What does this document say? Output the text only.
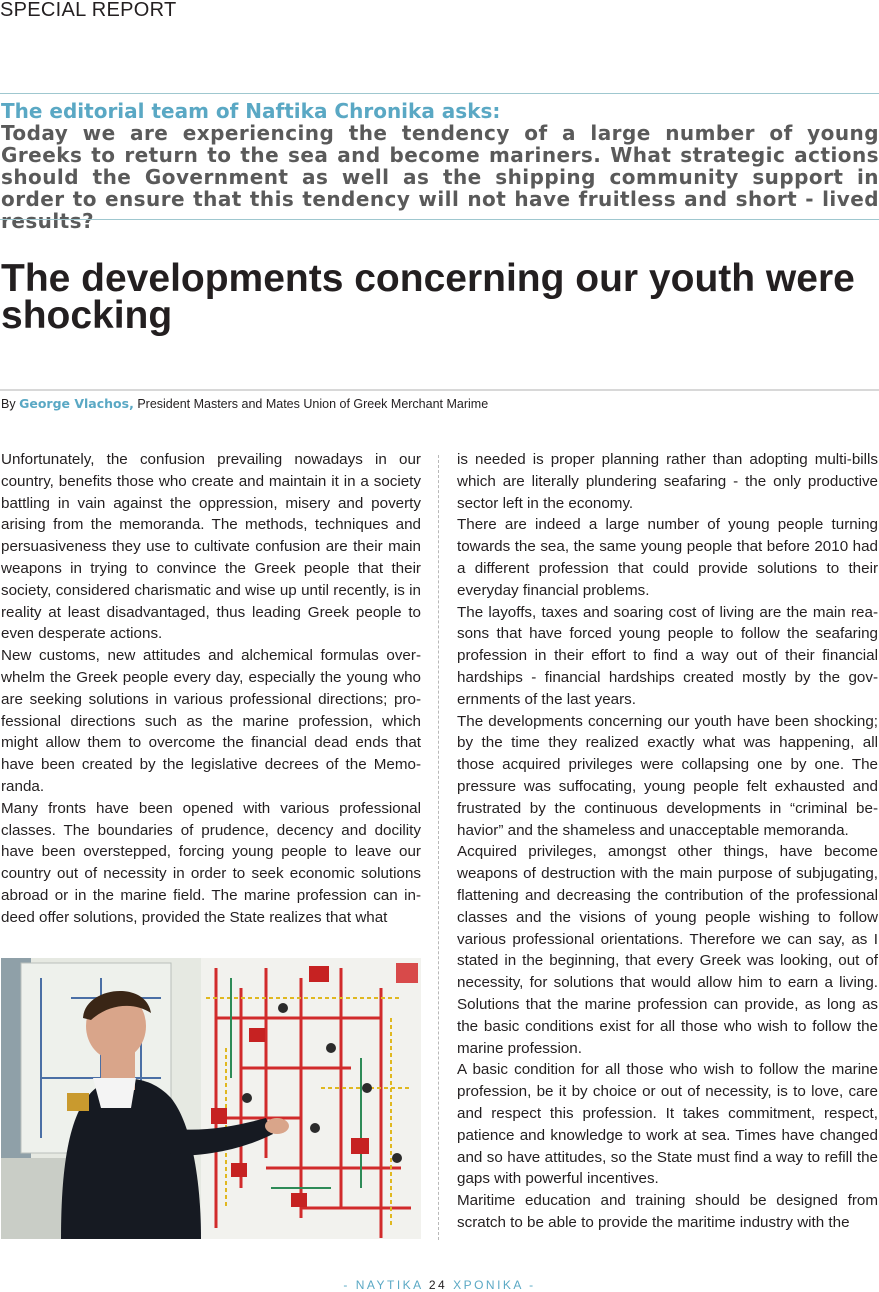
SPECIAL REPORT

The editorial team of Naftika Chronika asks:

Today we are experiencing the tendency of a large number of young Greeks to return to the sea and become mariners. What strategic actions should the Government as well as the shipping community support in order to ensure that this tendency will not have fruitless and short - lived results?

The developments concerning our youth were shocking
By George Vlachos, President Masters and Mates Union of Greek Merchant Marime

Unfortunately, the confusion prevailing nowadays in our country, benefits those who create and maintain it in a society battling in vain against the oppression, misery and poverty arising from the memoranda. The methods, techniques and persuasiveness they use to cultivate confusion are their main weapons in trying to convince the Greek people that their society, considered charismatic and wise up until recently, is in reality at least disadvantaged, thus leading Greek people to even desperate actions.

New customs, new attitudes and alchemical formulas overwhelm the Greek people every day, especially the young who are seeking solutions in various professional directions; professional directions such as the marine profession, which might allow them to overcome the financial dead ends that have been created by the legislative decrees of the Memoranda.

Many fronts have been opened with various professional classes. The boundaries of prudence, decency and docility have been overstepped, forcing young people to leave our country out of necessity in order to seek economic solutions abroad or in the marine field. The marine profession can indeed offer solutions, provided the State realizes that what

is needed is proper planning rather than adopting multi-bills which are literally plundering seafaring - the only productive sector left in the economy.

There are indeed a large number of young people turning towards the sea, the same young people that before 2010 had a different profession that could provide solutions to their everyday financial problems.

The layoffs, taxes and soaring cost of living are the main reasons that have forced young people to follow the seafaring profession in their effort to find a way out of their financial hardships - financial hardships created mostly by the governments of the last years.

The developments concerning our youth have been shocking; by the time they realized exactly what was happening, all those acquired privileges were collapsing one by one. The pressure was suffocating, young people felt exhausted and frustrated by the continuous developments in “criminal behavior” and the shameless and unacceptable memoranda.

Acquired privileges, amongst other things, have become weapons of destruction with the main purpose of subjugating, flattening and decreasing the contribution of the professional classes and the visions of young people wishing to follow various professional orientations. Therefore we can say, as I stated in the beginning, that every Greek was looking, out of necessity, for solutions that would allow him to earn a living. Solutions that the marine profession can provide, as long as the basic conditions exist for all those who wish to follow the marine profession.

A basic condition for all those who wish to follow the marine profession, be it by choice or out of necessity, is to love, care and respect this profession. It takes commitment, respect, patience and knowledge to work at sea. Times have changed and so have attitudes, so the State must find a way to refill the gaps with powerful incentives.

Maritime education and training should be designed from scratch to be able to provide the maritime industry with the

- ΝΑΥΤΙΚΑ 24 ΧΡΟΝΙΚΑ -
